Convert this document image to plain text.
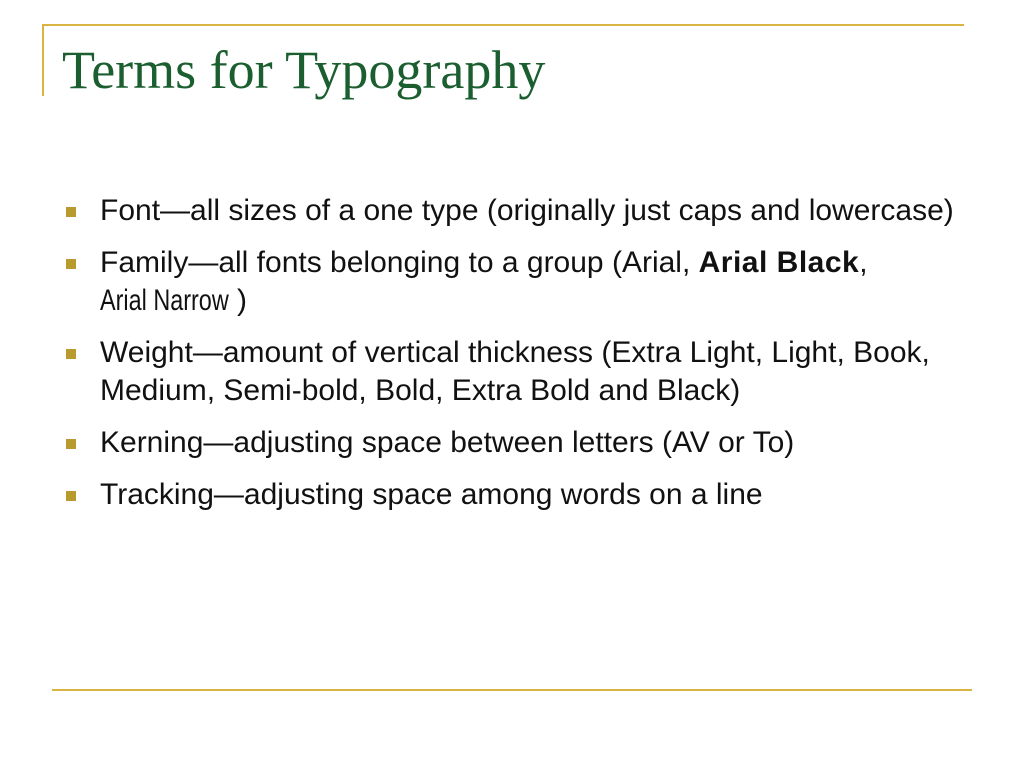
Terms for Typography
Font—all sizes of a one type (originally just caps and lowercase)
Family—all fonts belonging to a group (Arial, Arial Black, Arial Narrow )
Weight—amount of vertical thickness (Extra Light, Light, Book, Medium, Semi-bold, Bold, Extra Bold and Black)
Kerning—adjusting space between letters (AV or To)
Tracking—adjusting space among words on a line
